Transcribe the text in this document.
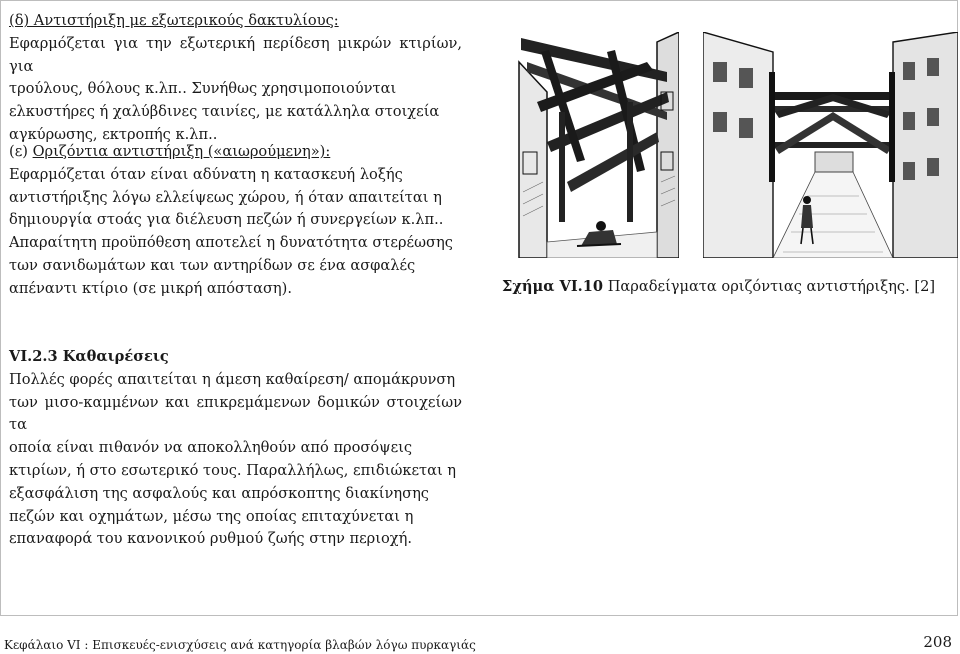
(δ) Αντιστήριξη με εξωτερικούς δακτυλίους:

Εφαρμόζεται για την εξωτερική περίδεση μικρών κτιρίων, για

τρούλους, θόλους κ.λπ.. Συνήθως χρησιμοποιούνται

ελκυστήρες ή χαλύβδινες ταινίες, με κατάλληλα στοιχεία

αγκύρωσης, εκτροπής κ.λπ..

(ε) Οριζόντια αντιστήριξη («αιωρούμενη»):

Εφαρμόζεται όταν είναι αδύνατη η κατασκευή λοξής

αντιστήριξης λόγω ελλείψεως χώρου, ή όταν απαιτείται η

δημιουργία στοάς για διέλευση πεζών ή συνεργείων κ.λπ..

Απαραίτητη προϋπόθεση αποτελεί η δυνατότητα στερέωσης

των σανιδωμάτων και των αντηρίδων σε ένα ασφαλές

απέναντι κτίριο (σε μικρή απόσταση).	Σχήμα VI.10 Παραδείγματα οριζόντιας αντιστήριξης. [2]

VI.2.3 Καθαιρέσεις

Πολλές φορές απαιτείται η άμεση καθαίρεση/ απομάκρυνση

των μισο-καμμένων και επικρεμάμενων δομικών στοιχείων τα

οποία είναι πιθανόν να αποκολληθούν από προσόψεις

κτιρίων, ή στο εσωτερικό τους. Παραλλήλως, επιδιώκεται η

εξασφάλιση της ασφαλούς και απρόσκοπτης διακίνησης

πεζών και οχημάτων, μέσω της οποίας επιταχύνεται η

επαναφορά του κανονικού ρυθμού ζωής στην περιοχή.

Κεφάλαιο VI : Επισκευές-ενισχύσεις ανά κατηγορία βλαβών λόγω πυρκαγιάς	208
